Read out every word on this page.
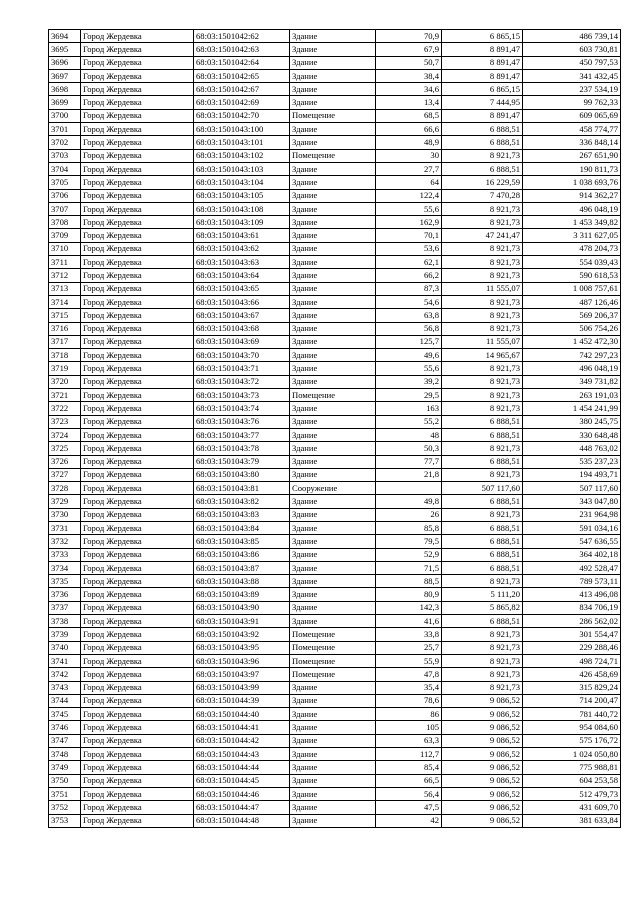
3694	Город Жердевка	68:03:1501042:62	Здание	70,9	6 865,15	486 739,14
3695	Город Жердевка	68:03:1501042:63	Здание	67,9	8 891,47	603 730,81
3696	Город Жердевка	68:03:1501042:64	Здание	50,7	8 891,47	450 797,53
3697	Город Жердевка	68:03:1501042:65	Здание	38,4	8 891,47	341 432,45
3698	Город Жердевка	68:03:1501042:67	Здание	34,6	6 865,15	237 534,19
3699	Город Жердевка	68:03:1501042:69	Здание	13,4	7 444,95	99 762,33
3700	Город Жердевка	68:03:1501042:70	Помещение	68,5	8 891,47	609 065,69
3701	Город Жердевка	68:03:1501043:100	Здание	66,6	6 888,51	458 774,77
3702	Город Жердевка	68:03:1501043:101	Здание	48,9	6 888,51	336 848,14
3703	Город Жердевка	68:03:1501043:102	Помещение	30	8 921,73	267 651,90
3704	Город Жердевка	68:03:1501043:103	Здание	27,7	6 888,51	190 811,73
3705	Город Жердевка	68:03:1501043:104	Здание	64	16 229,59	1 038 693,76
3706	Город Жердевка	68:03:1501043:105	Здание	122,4	7 470,28	914 362,27
3707	Город Жердевка	68:03:1501043:108	Здание	55,6	8 921,73	496 048,19
3708	Город Жердевка	68:03:1501043:109	Здание	162,9	8 921,73	1 453 349,82
3709	Город Жердевка	68:03:1501043:61	Здание	70,1	47 241,47	3 311 627,05
3710	Город Жердевка	68:03:1501043:62	Здание	53,6	8 921,73	478 204,73
3711	Город Жердевка	68:03:1501043:63	Здание	62,1	8 921,73	554 039,43
3712	Город Жердевка	68:03:1501043:64	Здание	66,2	8 921,73	590 618,53
3713	Город Жердевка	68:03:1501043:65	Здание	87,3	11 555,07	1 008 757,61
3714	Город Жердевка	68:03:1501043:66	Здание	54,6	8 921,73	487 126,46
3715	Город Жердевка	68:03:1501043:67	Здание	63,8	8 921,73	569 206,37
3716	Город Жердевка	68:03:1501043:68	Здание	56,8	8 921,73	506 754,26
3717	Город Жердевка	68:03:1501043:69	Здание	125,7	11 555,07	1 452 472,30
3718	Город Жердевка	68:03:1501043:70	Здание	49,6	14 965,67	742 297,23
3719	Город Жердевка	68:03:1501043:71	Здание	55,6	8 921,73	496 048,19
3720	Город Жердевка	68:03:1501043:72	Здание	39,2	8 921,73	349 731,82
3721	Город Жердевка	68:03:1501043:73	Помещение	29,5	8 921,73	263 191,03
3722	Город Жердевка	68:03:1501043:74	Здание	163	8 921,73	1 454 241,99
3723	Город Жердевка	68:03:1501043:76	Здание	55,2	6 888,51	380 245,75
3724	Город Жердевка	68:03:1501043:77	Здание	48	6 888,51	330 648,48
3725	Город Жердевка	68:03:1501043:78	Здание	50,3	8 921,73	448 763,02
3726	Город Жердевка	68:03:1501043:79	Здание	77,7	6 888,51	535 237,23
3727	Город Жердевка	68:03:1501043:80	Здание	21,8	8 921,73	194 493,71
3728	Город Жердевка	68:03:1501043:81	Сооружение		507 117,60	507 117,60
3729	Город Жердевка	68:03:1501043:82	Здание	49,8	6 888,51	343 047,80
3730	Город Жердевка	68:03:1501043:83	Здание	26	8 921,73	231 964,98
3731	Город Жердевка	68:03:1501043:84	Здание	85,8	6 888,51	591 034,16
3732	Город Жердевка	68:03:1501043:85	Здание	79,5	6 888,51	547 636,55
3733	Город Жердевка	68:03:1501043:86	Здание	52,9	6 888,51	364 402,18
3734	Город Жердевка	68:03:1501043:87	Здание	71,5	6 888,51	492 528,47
3735	Город Жердевка	68:03:1501043:88	Здание	88,5	8 921,73	789 573,11
3736	Город Жердевка	68:03:1501043:89	Здание	80,9	5 111,20	413 496,08
3737	Город Жердевка	68:03:1501043:90	Здание	142,3	5 865,82	834 706,19
3738	Город Жердевка	68:03:1501043:91	Здание	41,6	6 888,51	286 562,02
3739	Город Жердевка	68:03:1501043:92	Помещение	33,8	8 921,73	301 554,47
3740	Город Жердевка	68:03:1501043:95	Помещение	25,7	8 921,73	229 288,46
3741	Город Жердевка	68:03:1501043:96	Помещение	55,9	8 921,73	498 724,71
3742	Город Жердевка	68:03:1501043:97	Помещение	47,8	8 921,73	426 458,69
3743	Город Жердевка	68:03:1501043:99	Здание	35,4	8 921,73	315 829,24
3744	Город Жердевка	68:03:1501044:39	Здание	78,6	9 086,52	714 200,47
3745	Город Жердевка	68:03:1501044:40	Здание	86	9 086,52	781 440,72
3746	Город Жердевка	68:03:1501044:41	Здание	105	9 086,52	954 084,60
3747	Город Жердевка	68:03:1501044:42	Здание	63,3	9 086,52	575 176,72
3748	Город Жердевка	68:03:1501044:43	Здание	112,7	9 086,52	1 024 050,80
3749	Город Жердевка	68:03:1501044:44	Здание	85,4	9 086,52	775 988,81
3750	Город Жердевка	68:03:1501044:45	Здание	66,5	9 086,52	604 253,58
3751	Город Жердевка	68:03:1501044:46	Здание	56,4	9 086,52	512 479,73
3752	Город Жердевка	68:03:1501044:47	Здание	47,5	9 086,52	431 609,70
3753	Город Жердевка	68:03:1501044:48	Здание	42	9 086,52	381 633,84
